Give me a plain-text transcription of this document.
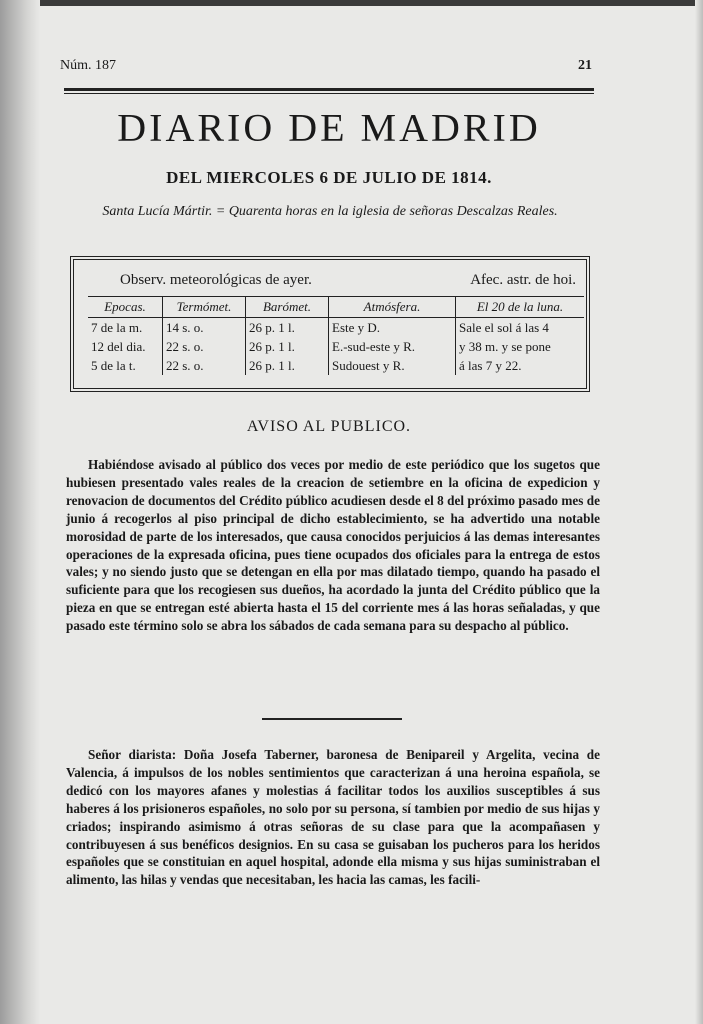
Núm. 187	21
DIARIO DE MADRID
DEL MIERCOLES 6 DE JULIO DE 1814.
Santa Lucía Mártir. = Quarenta horas en la iglesia de señoras Descalzas Reales.
Observ. meteorológicas de ayer.	Afec. astr. de hoi.
Epocas.	Termómet.	Barómet.	Atmósfera.	El 20 de la luna.
7 de la m.	14 s. o.	26 p. 1 l.	Este y D.	Sale el sol á las 4
12 del dia.	22 s. o.	26 p. 1 l.	E.-sud-este y R.	y 38 m. y se pone
5 de la t.	22 s. o.	26 p. 1 l.	Sudouest y R.	á las 7 y 22.
AVISO AL PUBLICO.
Habiéndose avisado al público dos veces por medio de este periódico que los sugetos que hubiesen presentado vales reales de la creacion de setiembre en la oficina de expedicion y renovacion de documentos del Crédito público acudiesen desde el 8 del próximo pasado mes de junio á recogerlos al piso principal de dicho establecimiento, se ha advertido una notable morosidad de parte de los interesados, que causa conocidos perjuicios á las demas interesantes operaciones de la expresada oficina, pues tiene ocupados dos oficiales para la entrega de estos vales; y no siendo justo que se detengan en ella por mas dilatado tiempo, quando ha pasado el suficiente para que los recogiesen sus dueños, ha acordado la junta del Crédito público que la pieza en que se entregan esté abierta hasta el 15 del corriente mes á las horas señaladas, y que pasado este término solo se abra los sábados de cada semana para su despacho al público.
Señor diarista: Doña Josefa Taberner, baronesa de Benipareil y Argelita, vecina de Valencia, á impulsos de los nobles sentimientos que caracterizan á una heroina española, se dedicó con los mayores afanes y molestias á facilitar todos los auxilios susceptibles á sus haberes á los prisioneros españoles, no solo por su persona, sí tambien por medio de sus hijas y criados; inspirando asimismo á otras señoras de su clase para que la acompañasen y contribuyesen á sus benéficos designios. En su casa se guisaban los pucheros para los heridos españoles que se constituian en aquel hospital, adonde ella misma y sus hijas suministraban el alimento, las hilas y vendas que necesitaban, les hacia las camas, les facili-
